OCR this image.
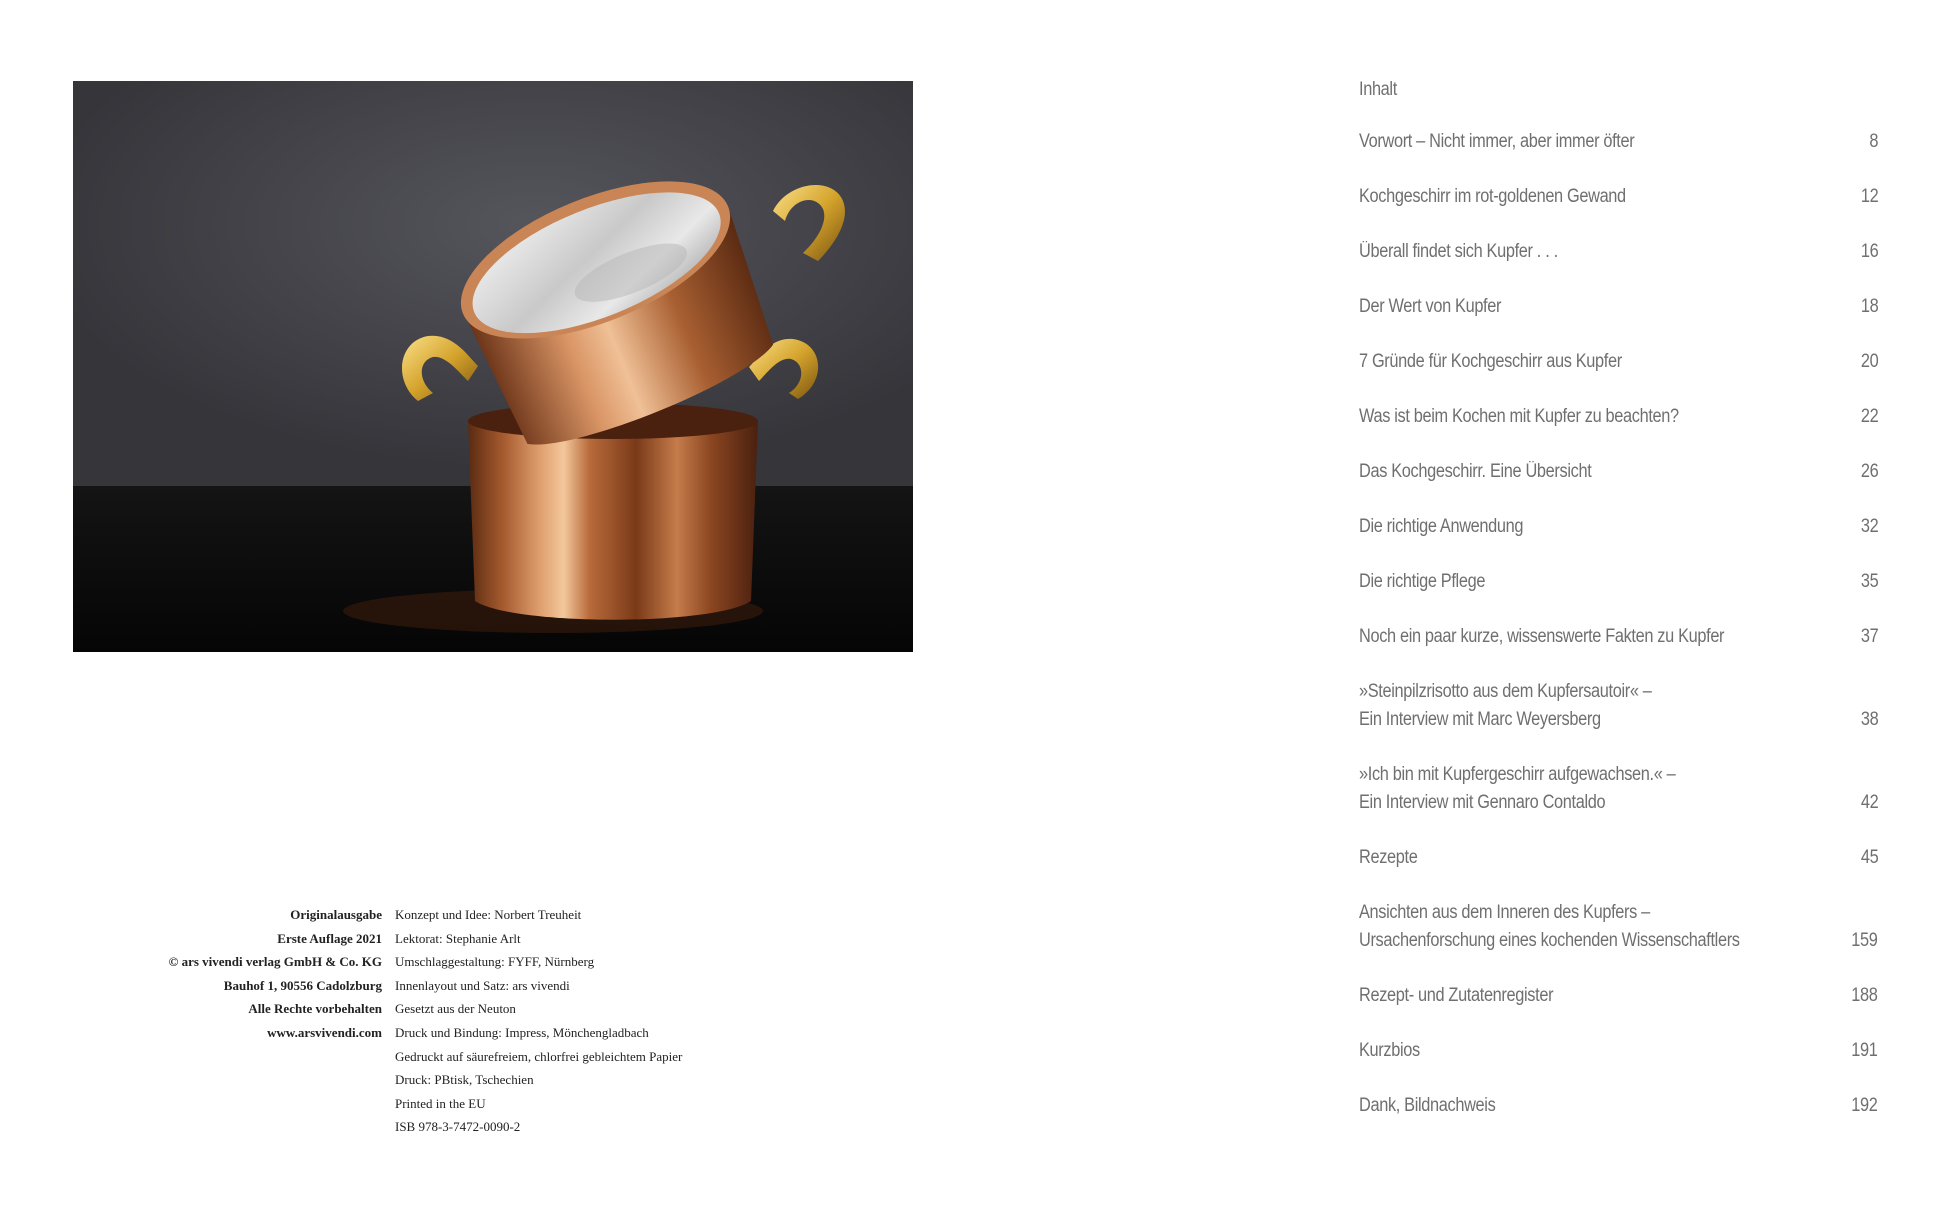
Originalausgabe
Erste Auflage 2021
© ars vivendi verlag GmbH & Co. KG
Bauhof 1, 90556 Cadolzburg
Alle Rechte vorbehalten
www.arsvivendi.com
Konzept und Idee: Norbert Treuheit
Lektorat: Stephanie Arlt
Umschlaggestaltung: FYFF, Nürnberg
Innenlayout und Satz: ars vivendi
Gesetzt aus der Neuton
Druck und Bindung: Impress, Mönchengladbach
Gedruckt auf säurefreiem, chlorfrei gebleichtem Papier
Druck: PBtisk, Tschechien
Printed in the EU
ISB 978-3-7472-0090-2
Inhalt
Vorwort – Nicht immer, aber immer öfter	8
Kochgeschirr im rot-goldenen Gewand	12
Überall findet sich Kupfer . . .	16
Der Wert von Kupfer	18
7 Gründe für Kochgeschirr aus Kupfer	20
Was ist beim Kochen mit Kupfer zu beachten?	22
Das Kochgeschirr. Eine Übersicht	26
Die richtige Anwendung	32
Die richtige Pflege	35
Noch ein paar kurze, wissenswerte Fakten zu Kupfer	37
»Steinpilzrisotto aus dem Kupfersautoir« –Ein Interview mit Marc Weyersberg	38
»Ich bin mit Kupfergeschirr aufgewachsen.« –Ein Interview mit Gennaro Contaldo	42
Rezepte	45
Ansichten aus dem Inneren des Kupfers –Ursachenforschung eines kochenden Wissenschaftlers	159
Rezept- und Zutatenregister	188
Kurzbios	191
Dank, Bildnachweis	192
